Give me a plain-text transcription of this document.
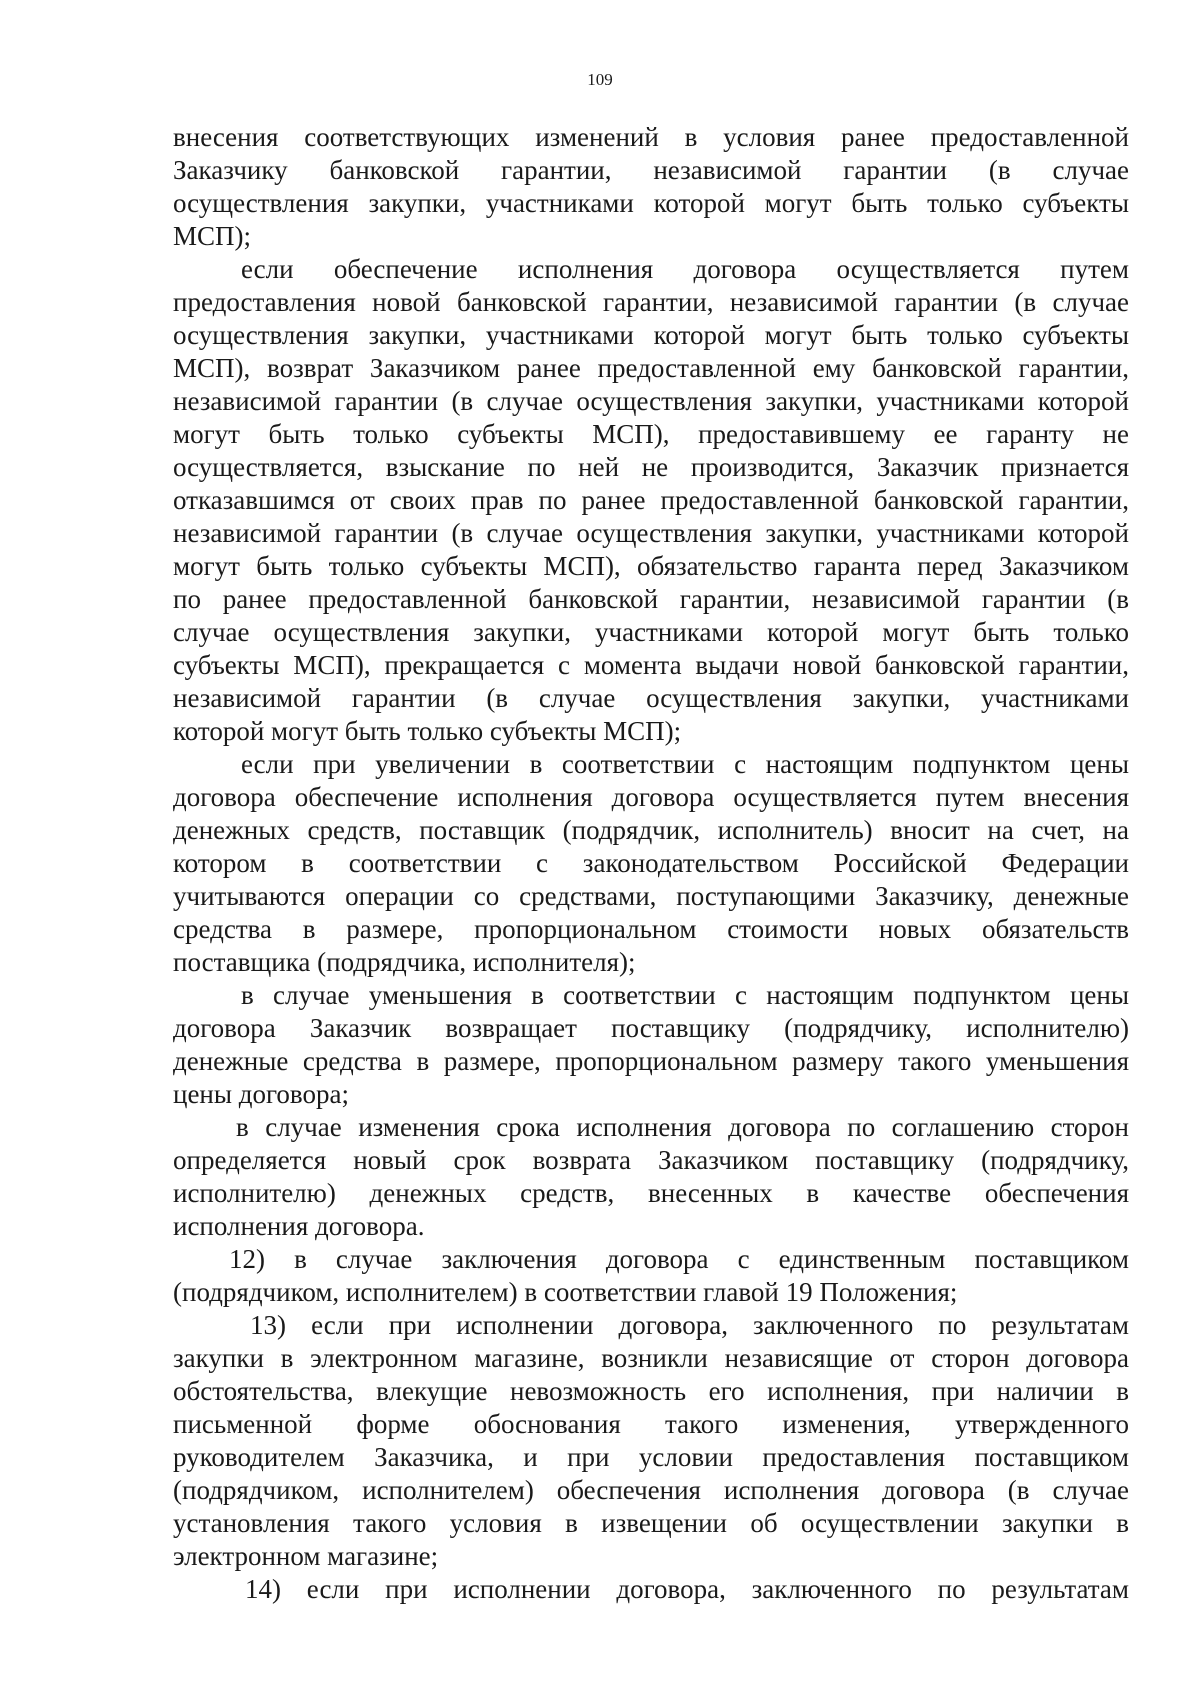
109
внесения соответствующих изменений в условия ранее предоставленной
Заказчику банковской гарантии, независимой гарантии (в случае
осуществления закупки, участниками которой могут быть только субъекты
МСП);
если обеспечение исполнения договора осуществляется путем
предоставления новой банковской гарантии, независимой гарантии (в случае
осуществления закупки, участниками которой могут быть только субъекты
МСП), возврат Заказчиком ранее предоставленной ему банковской гарантии,
независимой гарантии (в случае осуществления закупки, участниками которой
могут быть только субъекты МСП), предоставившему ее гаранту не
осуществляется, взыскание по ней не производится, Заказчик признается
отказавшимся от своих прав по ранее предоставленной банковской гарантии,
независимой гарантии (в случае осуществления закупки, участниками которой
могут быть только субъекты МСП), обязательство гаранта перед Заказчиком
по ранее предоставленной банковской гарантии, независимой гарантии (в
случае осуществления закупки, участниками которой могут быть только
субъекты МСП), прекращается с момента выдачи новой банковской гарантии,
независимой гарантии (в случае осуществления закупки, участниками
которой могут быть только субъекты МСП);
если при увеличении в соответствии с настоящим подпунктом цены
договора обеспечение исполнения договора осуществляется путем внесения
денежных средств, поставщик (подрядчик, исполнитель) вносит на счет, на
котором в соответствии с законодательством Российской Федерации
учитываются операции со средствами, поступающими Заказчику, денежные
средства в размере, пропорциональном стоимости новых обязательств
поставщика (подрядчика, исполнителя);
в случае уменьшения в соответствии с настоящим подпунктом цены
договора Заказчик возвращает поставщику (подрядчику, исполнителю)
денежные средства в размере, пропорциональном размеру такого уменьшения
цены договора;
в случае изменения срока исполнения договора по соглашению сторон
определяется новый срок возврата Заказчиком поставщику (подрядчику,
исполнителю) денежных средств, внесенных в качестве обеспечения
исполнения договора.
12) в случае заключения договора с единственным поставщиком
(подрядчиком, исполнителем) в соответствии главой 19 Положения;
13) если при исполнении договора, заключенного по результатам
закупки в электронном магазине, возникли независящие от сторон договора
обстоятельства, влекущие невозможность его исполнения, при наличии в
письменной форме обоснования такого изменения, утвержденного
руководителем Заказчика, и при условии предоставления поставщиком
(подрядчиком, исполнителем) обеспечения исполнения договора (в случае
установления такого условия в извещении об осуществлении закупки в
электронном магазине;
14) если при исполнении договора, заключенного по результатам
